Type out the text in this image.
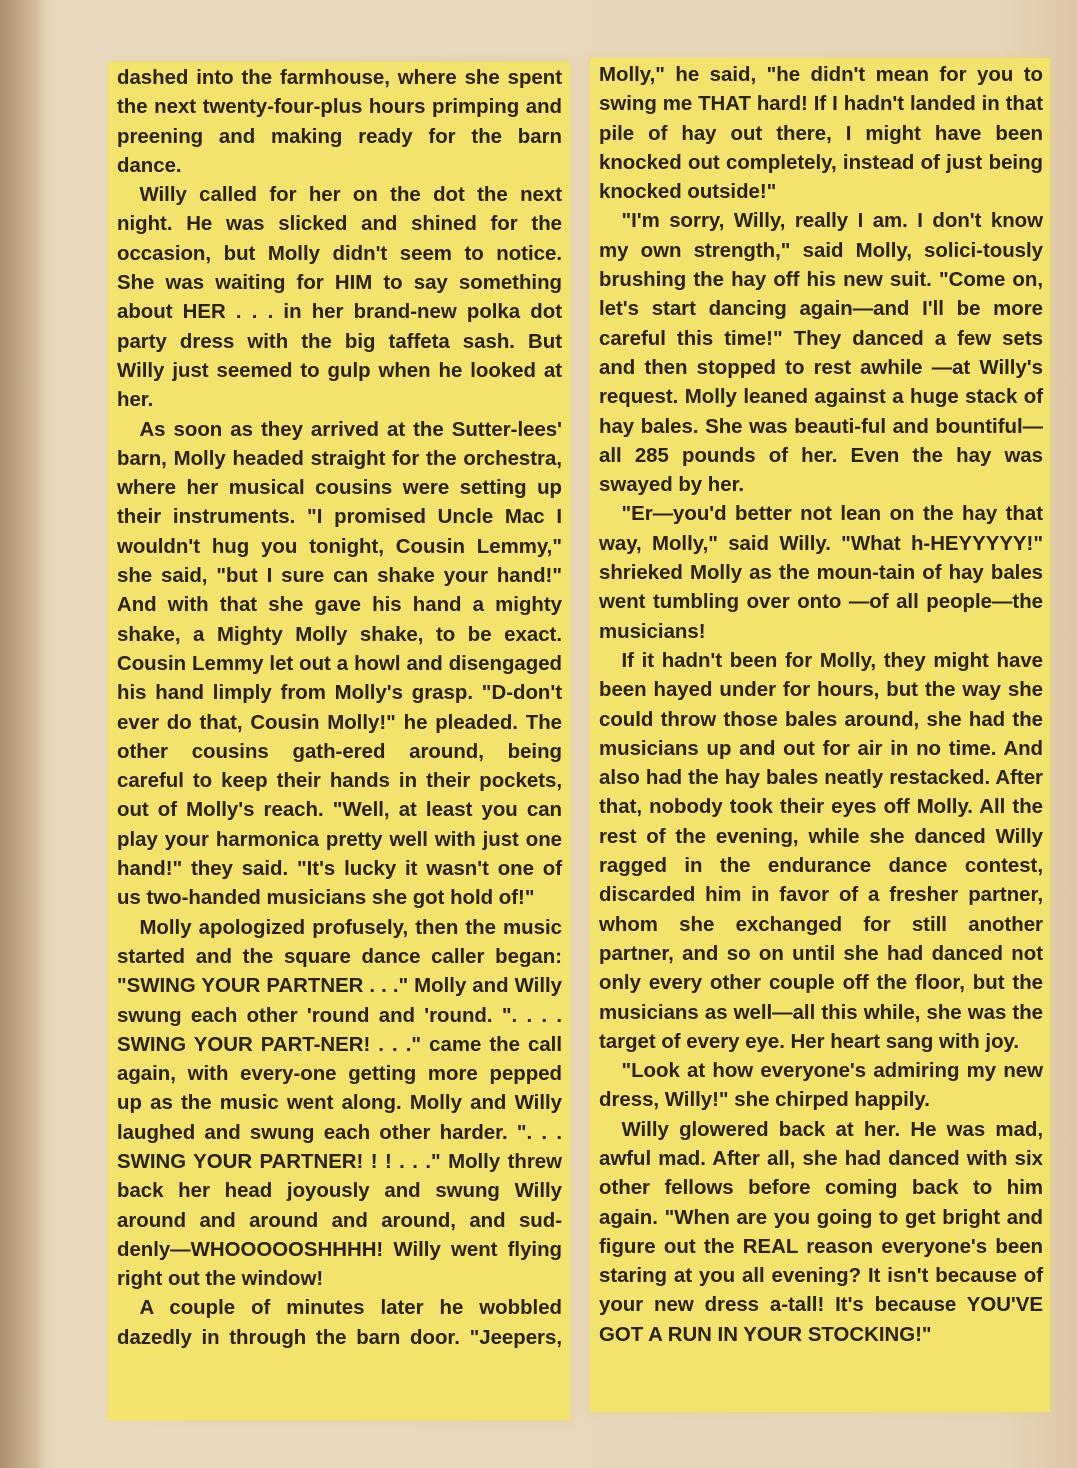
dashed into the farmhouse, where she spent the next twenty-four-plus hours primping and preening and making ready for the barn dance.

Willy called for her on the dot the next night. He was slicked and shined for the occasion, but Molly didn't seem to notice. She was waiting for HIM to say something about HER . . . in her brand-new polka dot party dress with the big taffeta sash. But Willy just seemed to gulp when he looked at her.

As soon as they arrived at the Sutter-lees' barn, Molly headed straight for the orchestra, where her musical cousins were setting up their instruments. "I promised Uncle Mac I wouldn't hug you tonight, Cousin Lemmy," she said, "but I sure can shake your hand!" And with that she gave his hand a mighty shake, a Mighty Molly shake, to be exact. Cousin Lemmy let out a howl and disengaged his hand limply from Molly's grasp. "D-don't ever do that, Cousin Molly!" he pleaded. The other cousins gath-ered around, being careful to keep their hands in their pockets, out of Molly's reach. "Well, at least you can play your harmonica pretty well with just one hand!" they said. "It's lucky it wasn't one of us two-handed musicians she got hold of!"

Molly apologized profusely, then the music started and the square dance caller began: "SWING YOUR PARTNER . . ." Molly and Willy swung each other 'round and 'round. ". . . . SWING YOUR PART-NER! . . ." came the call again, with every-one getting more pepped up as the music went along. Molly and Willy laughed and swung each other harder. ". . . SWING YOUR PARTNER! ! ! . . ." Molly threw back her head joyously and swung Willy around and around and around, and sud-denly—WHOOOOOSHHHH! Willy went flying right out the window!

A couple of minutes later he wobbled dazedly in through the barn door. "Jeepers,

Molly," he said, "he didn't mean for you to swing me THAT hard! If I hadn't landed in that pile of hay out there, I might have been knocked out completely, instead of just being knocked outside!"

"I'm sorry, Willy, really I am. I don't know my own strength," said Molly, solici-tously brushing the hay off his new suit. "Come on, let's start dancing again—and I'll be more careful this time!" They danced a few sets and then stopped to rest awhile —at Willy's request. Molly leaned against a huge stack of hay bales. She was beauti-ful and bountiful—all 285 pounds of her. Even the hay was swayed by her.

"Er—you'd better not lean on the hay that way, Molly," said Willy. "What h-HEYYYYY!" shrieked Molly as the moun-tain of hay bales went tumbling over onto —of all people—the musicians!

If it hadn't been for Molly, they might have been hayed under for hours, but the way she could throw those bales around, she had the musicians up and out for air in no time. And also had the hay bales neatly restacked. After that, nobody took their eyes off Molly. All the rest of the evening, while she danced Willy ragged in the endurance dance contest, discarded him in favor of a fresher partner, whom she exchanged for still another partner, and so on until she had danced not only every other couple off the floor, but the musicians as well—all this while, she was the target of every eye. Her heart sang with joy.

"Look at how everyone's admiring my new dress, Willy!" she chirped happily.

Willy glowered back at her. He was mad, awful mad. After all, she had danced with six other fellows before coming back to him again. "When are you going to get bright and figure out the REAL reason everyone's been staring at you all evening? It isn't because of your new dress a-tall! It's because YOU'VE GOT A RUN IN YOUR STOCKING!"
